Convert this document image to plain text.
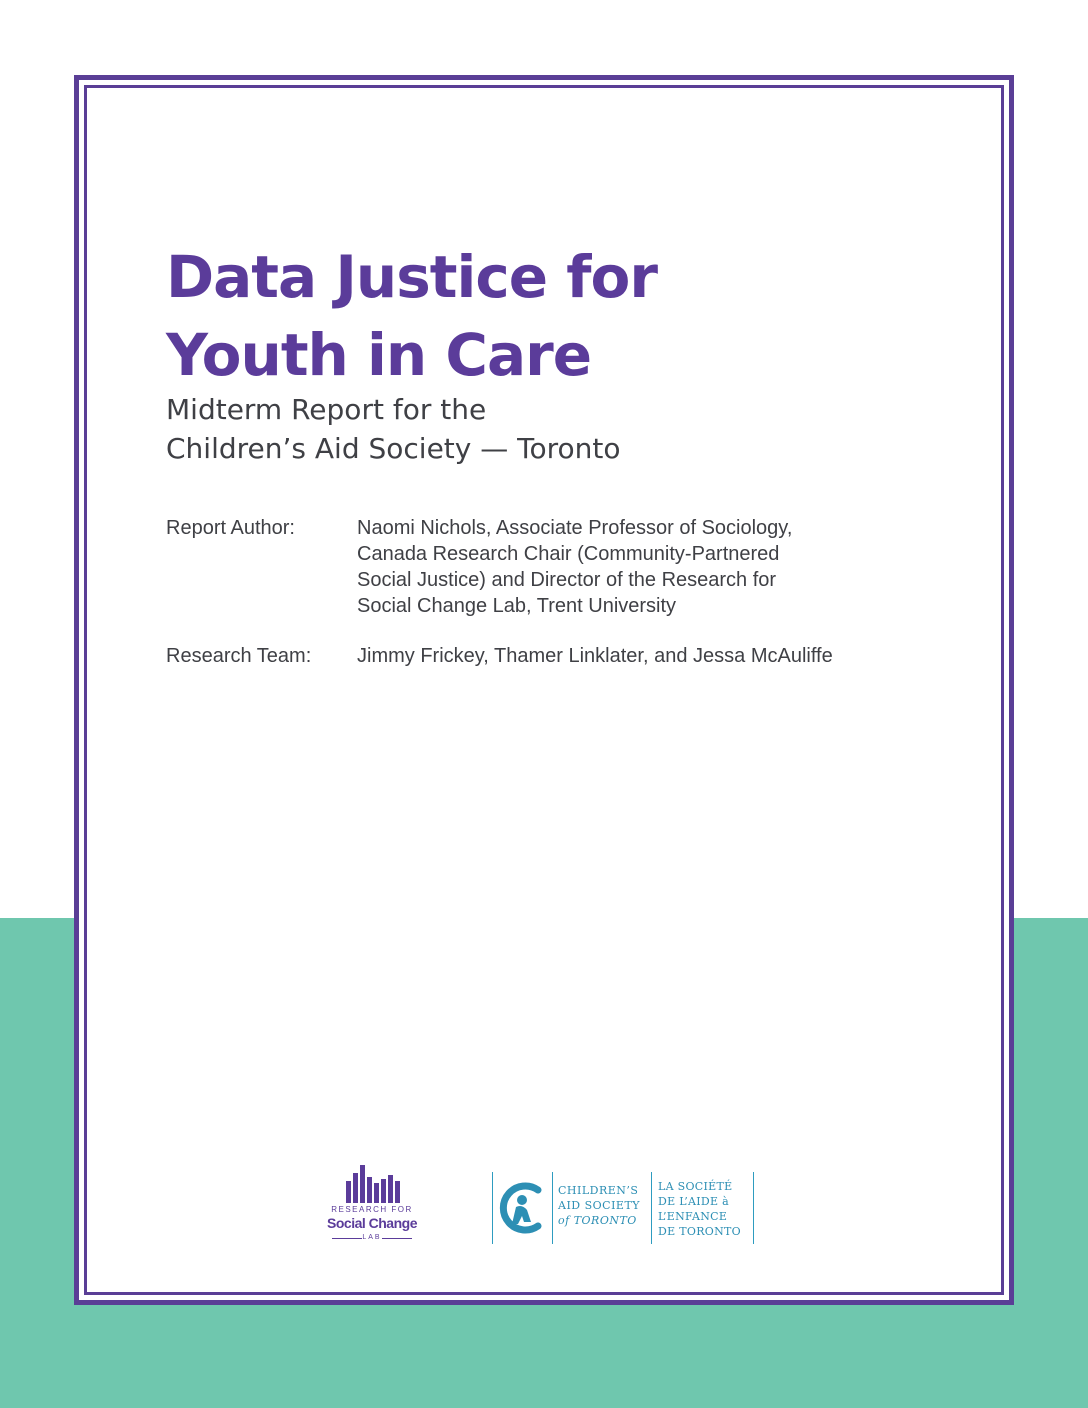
Data Justice for
Youth in Care
Midterm Report for the
Children’s Aid Society — Toronto
Report Author:	Naomi Nichols, Associate Professor of Sociology,
Canada Research Chair (Community-Partnered
Social Justice) and Director of the Research for
Social Change Lab, Trent University
Research Team:	Jimmy Frickey, Thamer Linklater, and Jessa McAuliffe
RESEARCH FOR
Social Change
LAB
CHILDREN’S
AID SOCIETY
of TORONTO
LA SOCIÉTÉ
DE L’AIDE à
L’ENFANCE
DE TORONTO
